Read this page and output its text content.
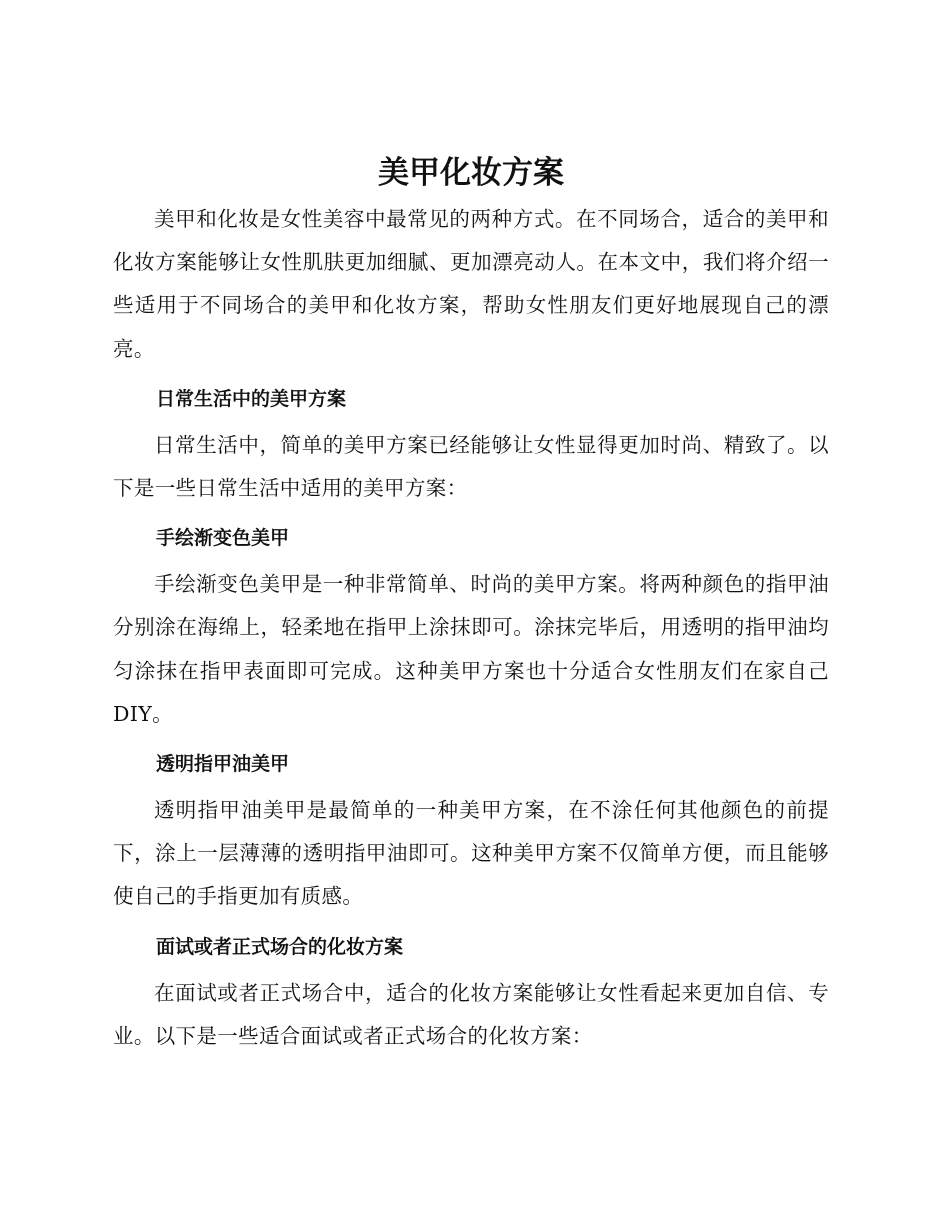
美甲化妆方案

美甲和化妆是女性美容中最常见的两种方式。在不同场合，适合的美甲和化妆方案能够让女性肌肤更加细腻、更加漂亮动人。在本文中，我们将介绍一些适用于不同场合的美甲和化妆方案，帮助女性朋友们更好地展现自己的漂亮。

日常生活中的美甲方案

日常生活中，简单的美甲方案已经能够让女性显得更加时尚、精致了。以下是一些日常生活中适用的美甲方案：

手绘渐变色美甲

手绘渐变色美甲是一种非常简单、时尚的美甲方案。将两种颜色的指甲油分别涂在海绵上，轻柔地在指甲上涂抹即可。涂抹完毕后，用透明的指甲油均匀涂抹在指甲表面即可完成。这种美甲方案也十分适合女性朋友们在家自己 DIY。

透明指甲油美甲

透明指甲油美甲是最简单的一种美甲方案，在不涂任何其他颜色的前提下，涂上一层薄薄的透明指甲油即可。这种美甲方案不仅简单方便，而且能够使自己的手指更加有质感。

面试或者正式场合的化妆方案

在面试或者正式场合中，适合的化妆方案能够让女性看起来更加自信、专业。以下是一些适合面试或者正式场合的化妆方案：
